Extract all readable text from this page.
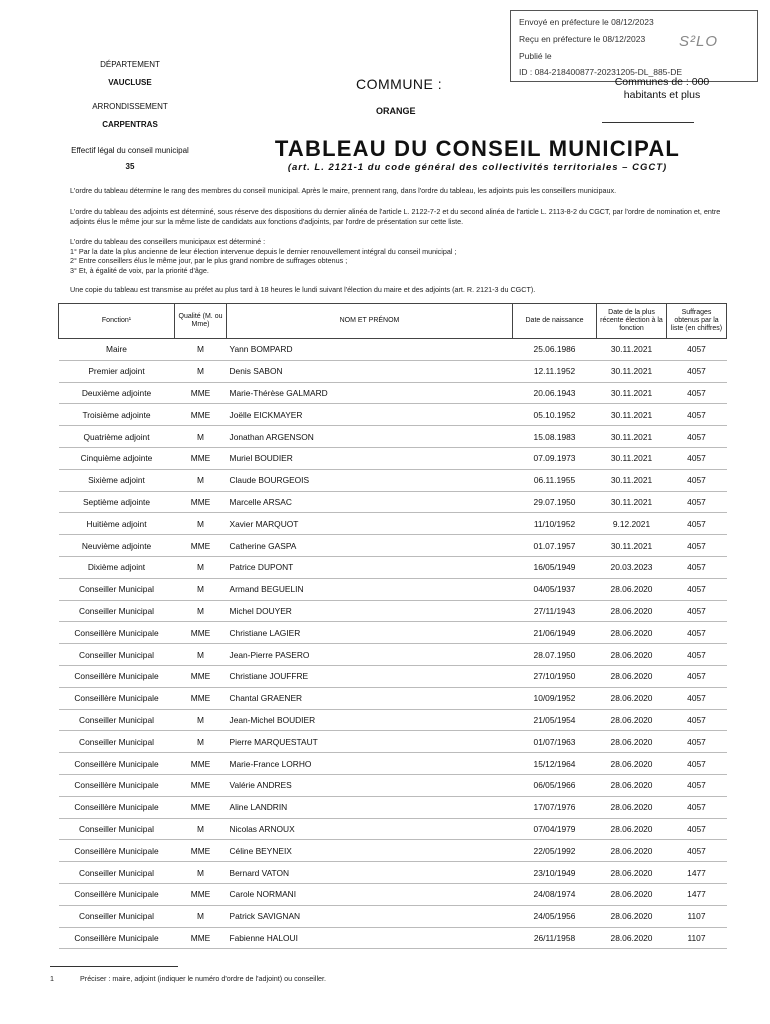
Envoyé en préfecture le 08/12/2023
Reçu en préfecture le 08/12/2023
Publié le
ID : 084-218400877-20231205-DL_885-DE
S²LO
DÉPARTEMENT
VAUCLUSE
ARRONDISSEMENT
CARPENTRAS
Effectif légal du conseil municipal
35
COMMUNE :
ORANGE
Communes de : 000
habitants et plus
TABLEAU DU CONSEIL MUNICIPAL
(art. L. 2121-1 du code général des collectivités territoriales – CGCT)
L'ordre du tableau détermine le rang des membres du conseil municipal. Après le maire, prennent rang, dans l'ordre du tableau, les adjoints puis les conseillers municipaux.
L'ordre du tableau des adjoints est déterminé, sous réserve des dispositions du dernier alinéa de l'article L. 2122-7-2 et du second alinéa de l'article L. 2113-8-2 du CGCT, par l'ordre de nomination et, entre adjoints élus le même jour sur la même liste de candidats aux fonctions d'adjoints, par l'ordre de présentation sur cette liste.
L'ordre du tableau des conseillers municipaux est déterminé :
1° Par la date la plus ancienne de leur élection intervenue depuis le dernier renouvellement intégral du conseil municipal ;
2° Entre conseillers élus le même jour, par le plus grand nombre de suffrages obtenus ;
3° Et, à égalité de voix, par la priorité d'âge.
Une copie du tableau est transmise au préfet au plus tard à 18 heures le lundi suivant l'élection du maire et des adjoints (art. R. 2121-3 du CGCT).
Fonction¹	Qualité (M. ou Mme)	NOM ET PRÉNOM	Date de naissance	Date de la plus récente élection à la fonction	Suffrages obtenus par la liste (en chiffres)
Maire	M	Yann BOMPARD	25.06.1986	30.11.2021	4057
Premier adjoint	M	Denis SABON	12.11.1952	30.11.2021	4057
Deuxième adjointe	MME	Marie-Thérèse GALMARD	20.06.1943	30.11.2021	4057
Troisième adjointe	MME	Joëlle EICKMAYER	05.10.1952	30.11.2021	4057
Quatrième adjoint	M	Jonathan ARGENSON	15.08.1983	30.11.2021	4057
Cinquième adjointe	MME	Muriel BOUDIER	07.09.1973	30.11.2021	4057
Sixième adjoint	M	Claude BOURGEOIS	06.11.1955	30.11.2021	4057
Septième adjointe	MME	Marcelle ARSAC	29.07.1950	30.11.2021	4057
Huitième adjoint	M	Xavier MARQUOT	11/10/1952	9.12.2021	4057
Neuvième adjointe	MME	Catherine GASPA	01.07.1957	30.11.2021	4057
Dixième adjoint	M	Patrice DUPONT	16/05/1949	20.03.2023	4057
Conseiller Municipal	M	Armand BEGUELIN	04/05/1937	28.06.2020	4057
Conseiller Municipal	M	Michel DOUYER	27/11/1943	28.06.2020	4057
Conseillère Municipale	MME	Christiane LAGIER	21/06/1949	28.06.2020	4057
Conseiller Municipal	M	Jean-Pierre PASERO	28.07.1950	28.06.2020	4057
Conseillère Municipale	MME	Christiane JOUFFRE	27/10/1950	28.06.2020	4057
Conseillère Municipale	MME	Chantal GRAENER	10/09/1952	28.06.2020	4057
Conseiller Municipal	M	Jean-Michel BOUDIER	21/05/1954	28.06.2020	4057
Conseiller Municipal	M	Pierre MARQUESTAUT	01/07/1963	28.06.2020	4057
Conseillère Municipale	MME	Marie-France LORHO	15/12/1964	28.06.2020	4057
Conseillère Municipale	MME	Valérie ANDRES	06/05/1966	28.06.2020	4057
Conseillère Municipale	MME	Aline LANDRIN	17/07/1976	28.06.2020	4057
Conseiller Municipal	M	Nicolas ARNOUX	07/04/1979	28.06.2020	4057
Conseillère Municipale	MME	Céline BEYNEIX	22/05/1992	28.06.2020	4057
Conseiller Municipal	M	Bernard VATON	23/10/1949	28.06.2020	1477
Conseillère Municipale	MME	Carole NORMANI	24/08/1974	28.06.2020	1477
Conseiller Municipal	M	Patrick SAVIGNAN	24/05/1956	28.06.2020	1107
Conseillère Municipale	MME	Fabienne HALOUI	26/11/1958	28.06.2020	1107
1	Préciser : maire, adjoint (indiquer le numéro d'ordre de l'adjoint) ou conseiller.
